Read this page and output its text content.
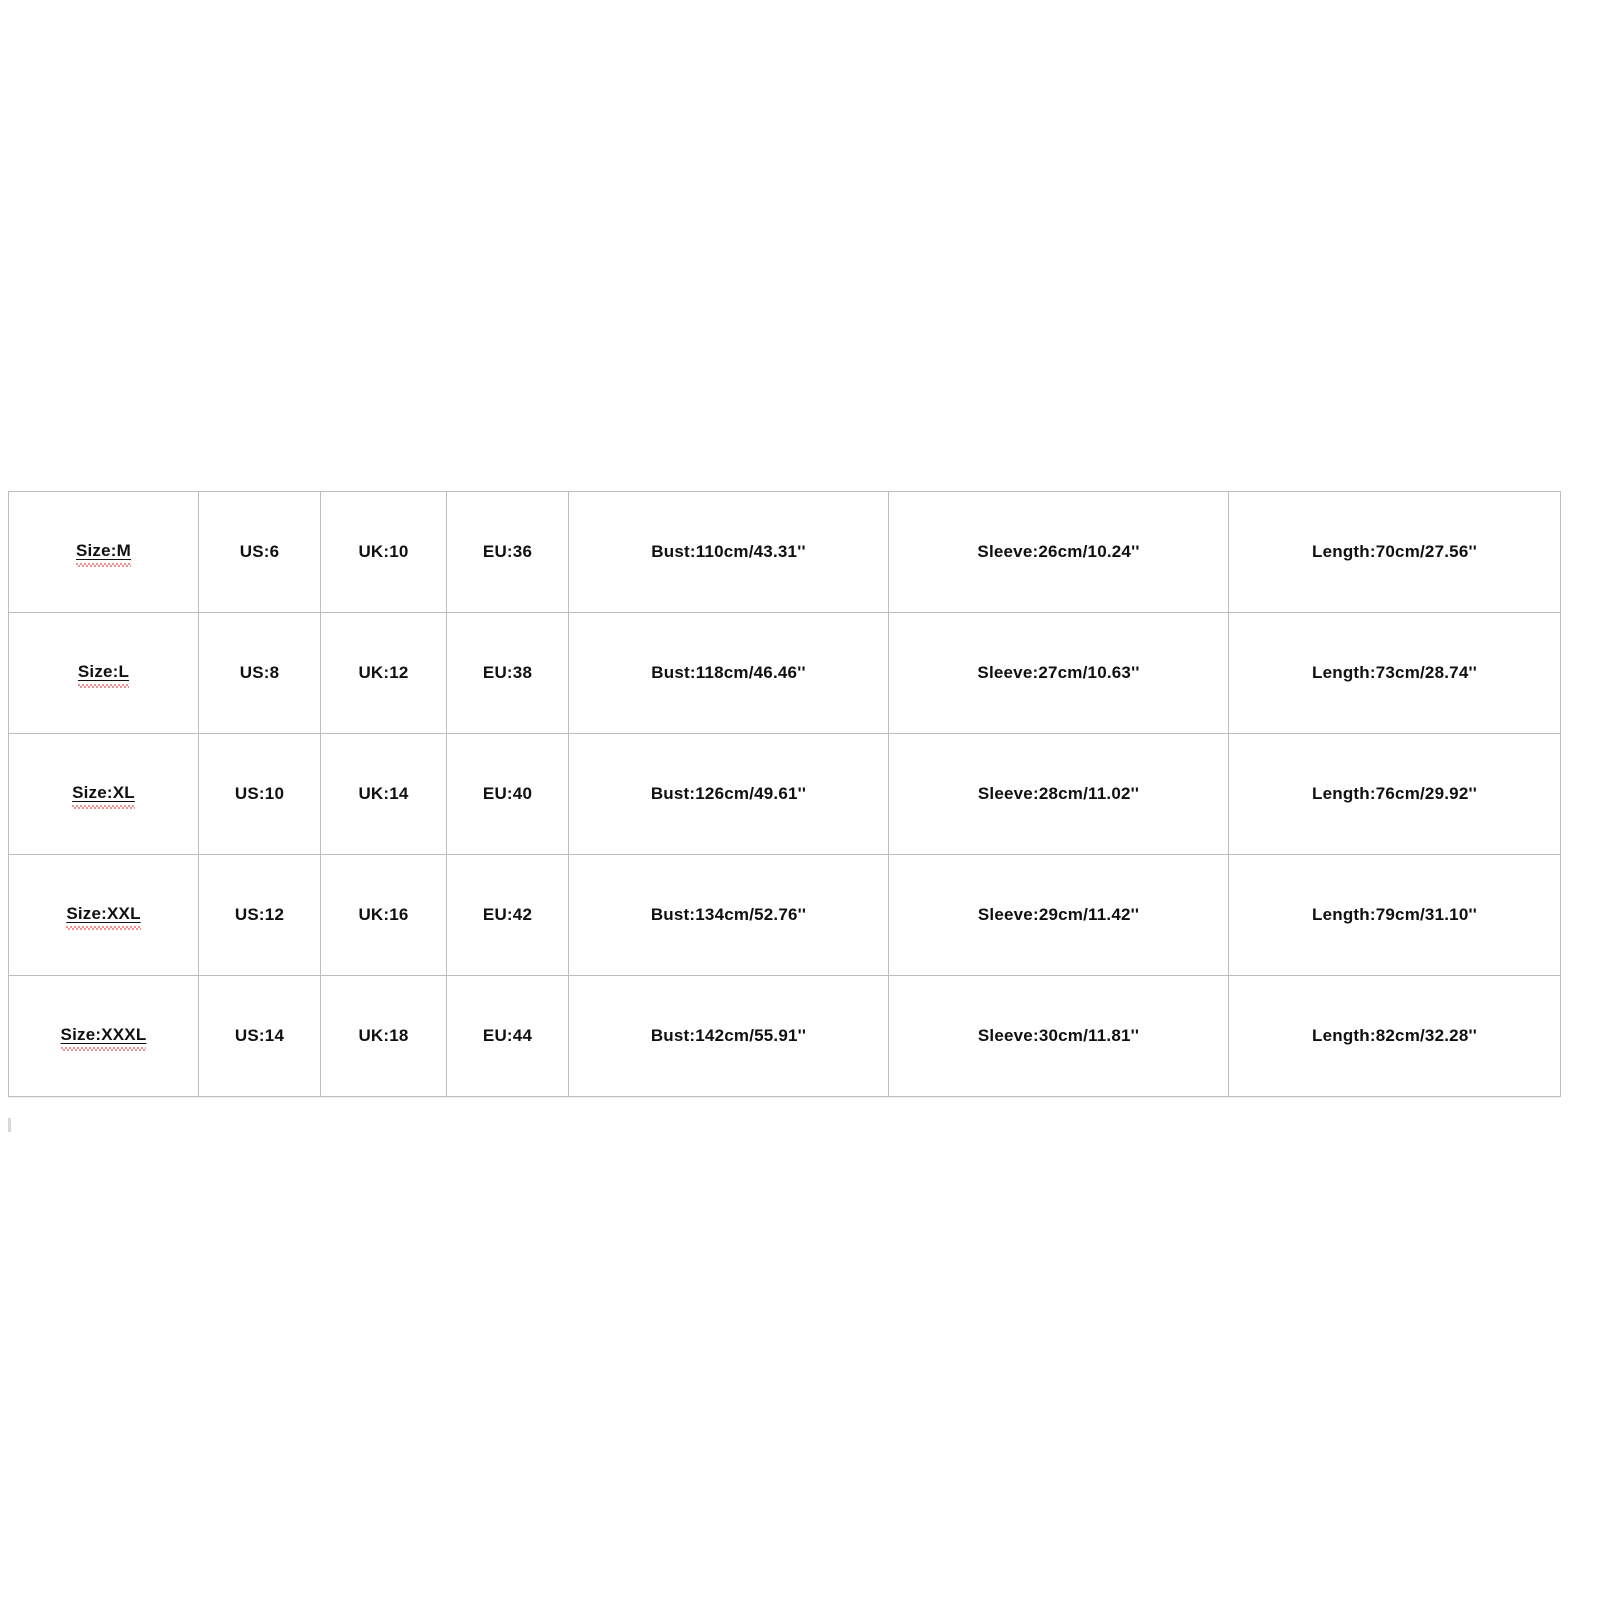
Size:M	US:6	UK:10	EU:36	Bust:110cm/43.31''	Sleeve:26cm/10.24''	Length:70cm/27.56''
Size:L	US:8	UK:12	EU:38	Bust:118cm/46.46''	Sleeve:27cm/10.63''	Length:73cm/28.74''
Size:XL	US:10	UK:14	EU:40	Bust:126cm/49.61''	Sleeve:28cm/11.02''	Length:76cm/29.92''
Size:XXL	US:12	UK:16	EU:42	Bust:134cm/52.76''	Sleeve:29cm/11.42''	Length:79cm/31.10''
Size:XXXL	US:14	UK:18	EU:44	Bust:142cm/55.91''	Sleeve:30cm/11.81''	Length:82cm/32.28''
